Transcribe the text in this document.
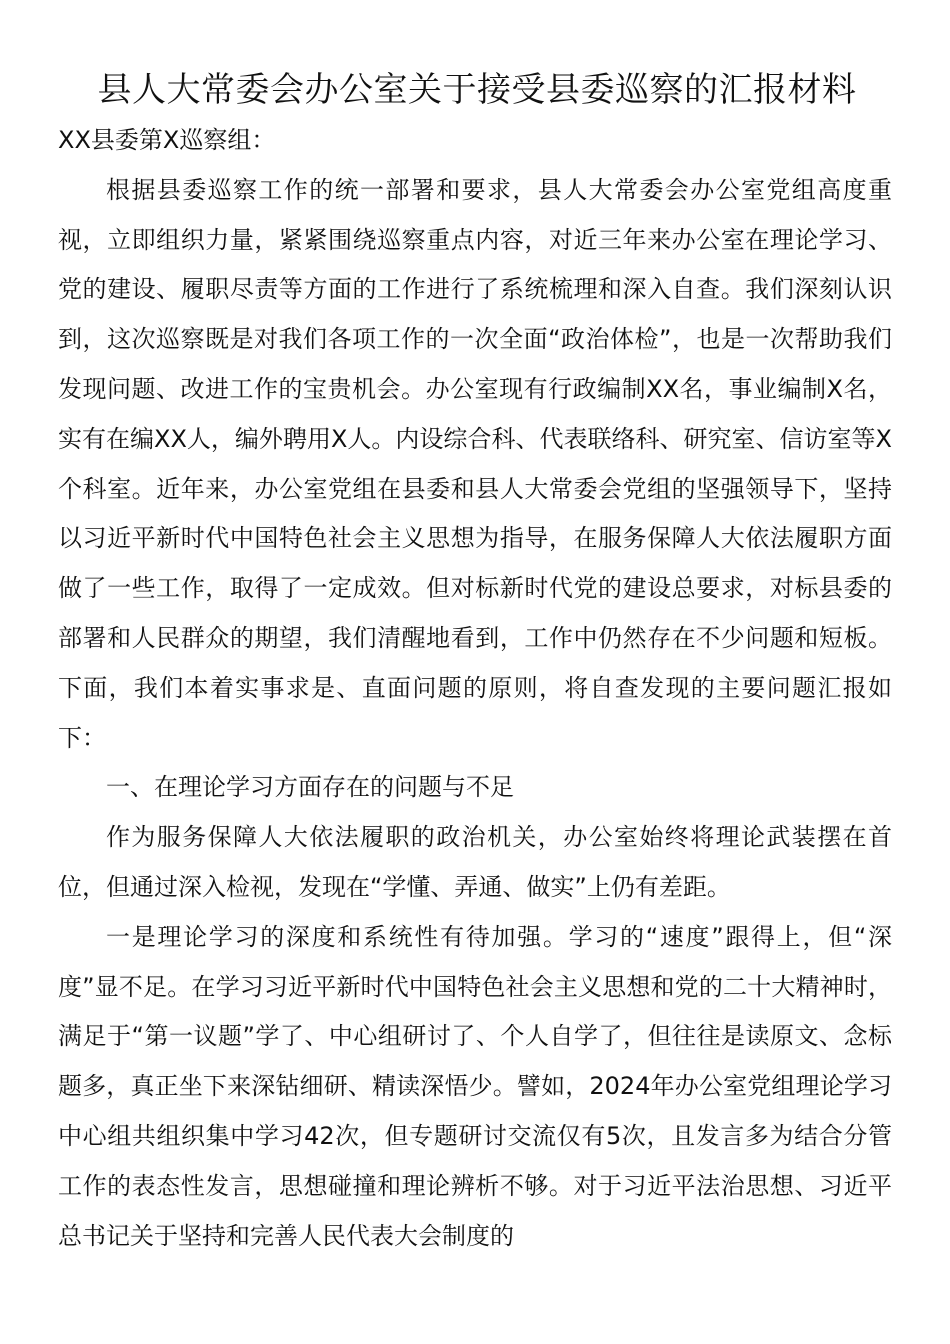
县人大常委会办公室关于接受县委巡察的汇报材料

XX县委第X巡察组：

根据县委巡察工作的统一部署和要求，县人大常委会办公室党组高度重视，立即组织力量，紧紧围绕巡察重点内容，对近三年来办公室在理论学习、党的建设、履职尽责等方面的工作进行了系统梳理和深入自查。我们深刻认识到，这次巡察既是对我们各项工作的一次全面“政治体检”，也是一次帮助我们发现问题、改进工作的宝贵机会。办公室现有行政编制XX名，事业编制X名，实有在编XX人，编外聘用X人。内设综合科、代表联络科、研究室、信访室等X个科室。近年来，办公室党组在县委和县人大常委会党组的坚强领导下，坚持以习近平新时代中国特色社会主义思想为指导，在服务保障人大依法履职方面做了一些工作，取得了一定成效。但对标新时代党的建设总要求，对标县委的部署和人民群众的期望，我们清醒地看到，工作中仍然存在不少问题和短板。下面，我们本着实事求是、直面问题的原则，将自查发现的主要问题汇报如下：

一、在理论学习方面存在的问题与不足

作为服务保障人大依法履职的政治机关，办公室始终将理论武装摆在首位，但通过深入检视，发现在“学懂、弄通、做实”上仍有差距。

一是理论学习的深度和系统性有待加强。学习的“速度”跟得上，但“深度”显不足。在学习习近平新时代中国特色社会主义思想和党的二十大精神时，满足于“第一议题”学了、中心组研讨了、个人自学了，但往往是读原文、念标题多，真正坐下来深钻细研、精读深悟少。譬如，2024年办公室党组理论学习中心组共组织集中学习42次，但专题研讨交流仅有5次，且发言多为结合分管工作的表态性发言，思想碰撞和理论辨析不够。对于习近平法治思想、习近平总书记关于坚持和完善人民代表大会制度的
